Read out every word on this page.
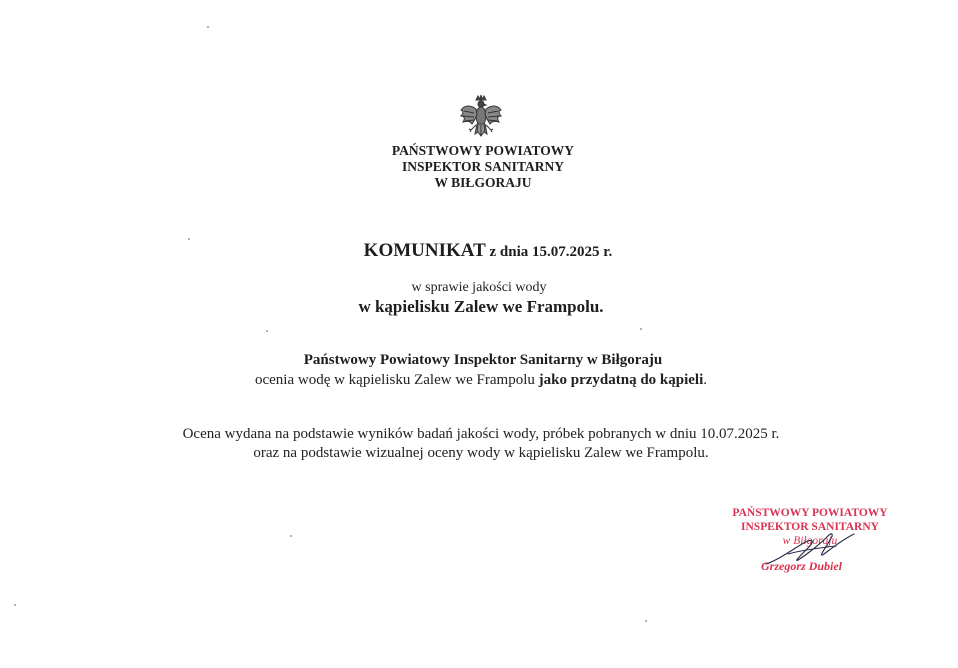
PAŃSTWOWY POWIATOWY
INSPEKTOR SANITARNY
W BIŁGORAJU
KOMUNIKAT z dnia 15.07.2025 r.
w sprawie jakości wody
w kąpielisku Zalew we Frampolu.
Państwowy Powiatowy Inspektor Sanitarny w Biłgoraju
ocenia wodę w kąpielisku Zalew we Frampolu jako przydatną do kąpieli.
Ocena wydana na podstawie wyników badań jakości wody, próbek pobranych w dniu 10.07.2025 r.
oraz na podstawie wizualnej oceny wody w kąpielisku Zalew we Frampolu.
PAŃSTWOWY POWIATOWY
INSPEKTOR SANITARNY
w Biłgoraju
Grzegorz Dubiel
